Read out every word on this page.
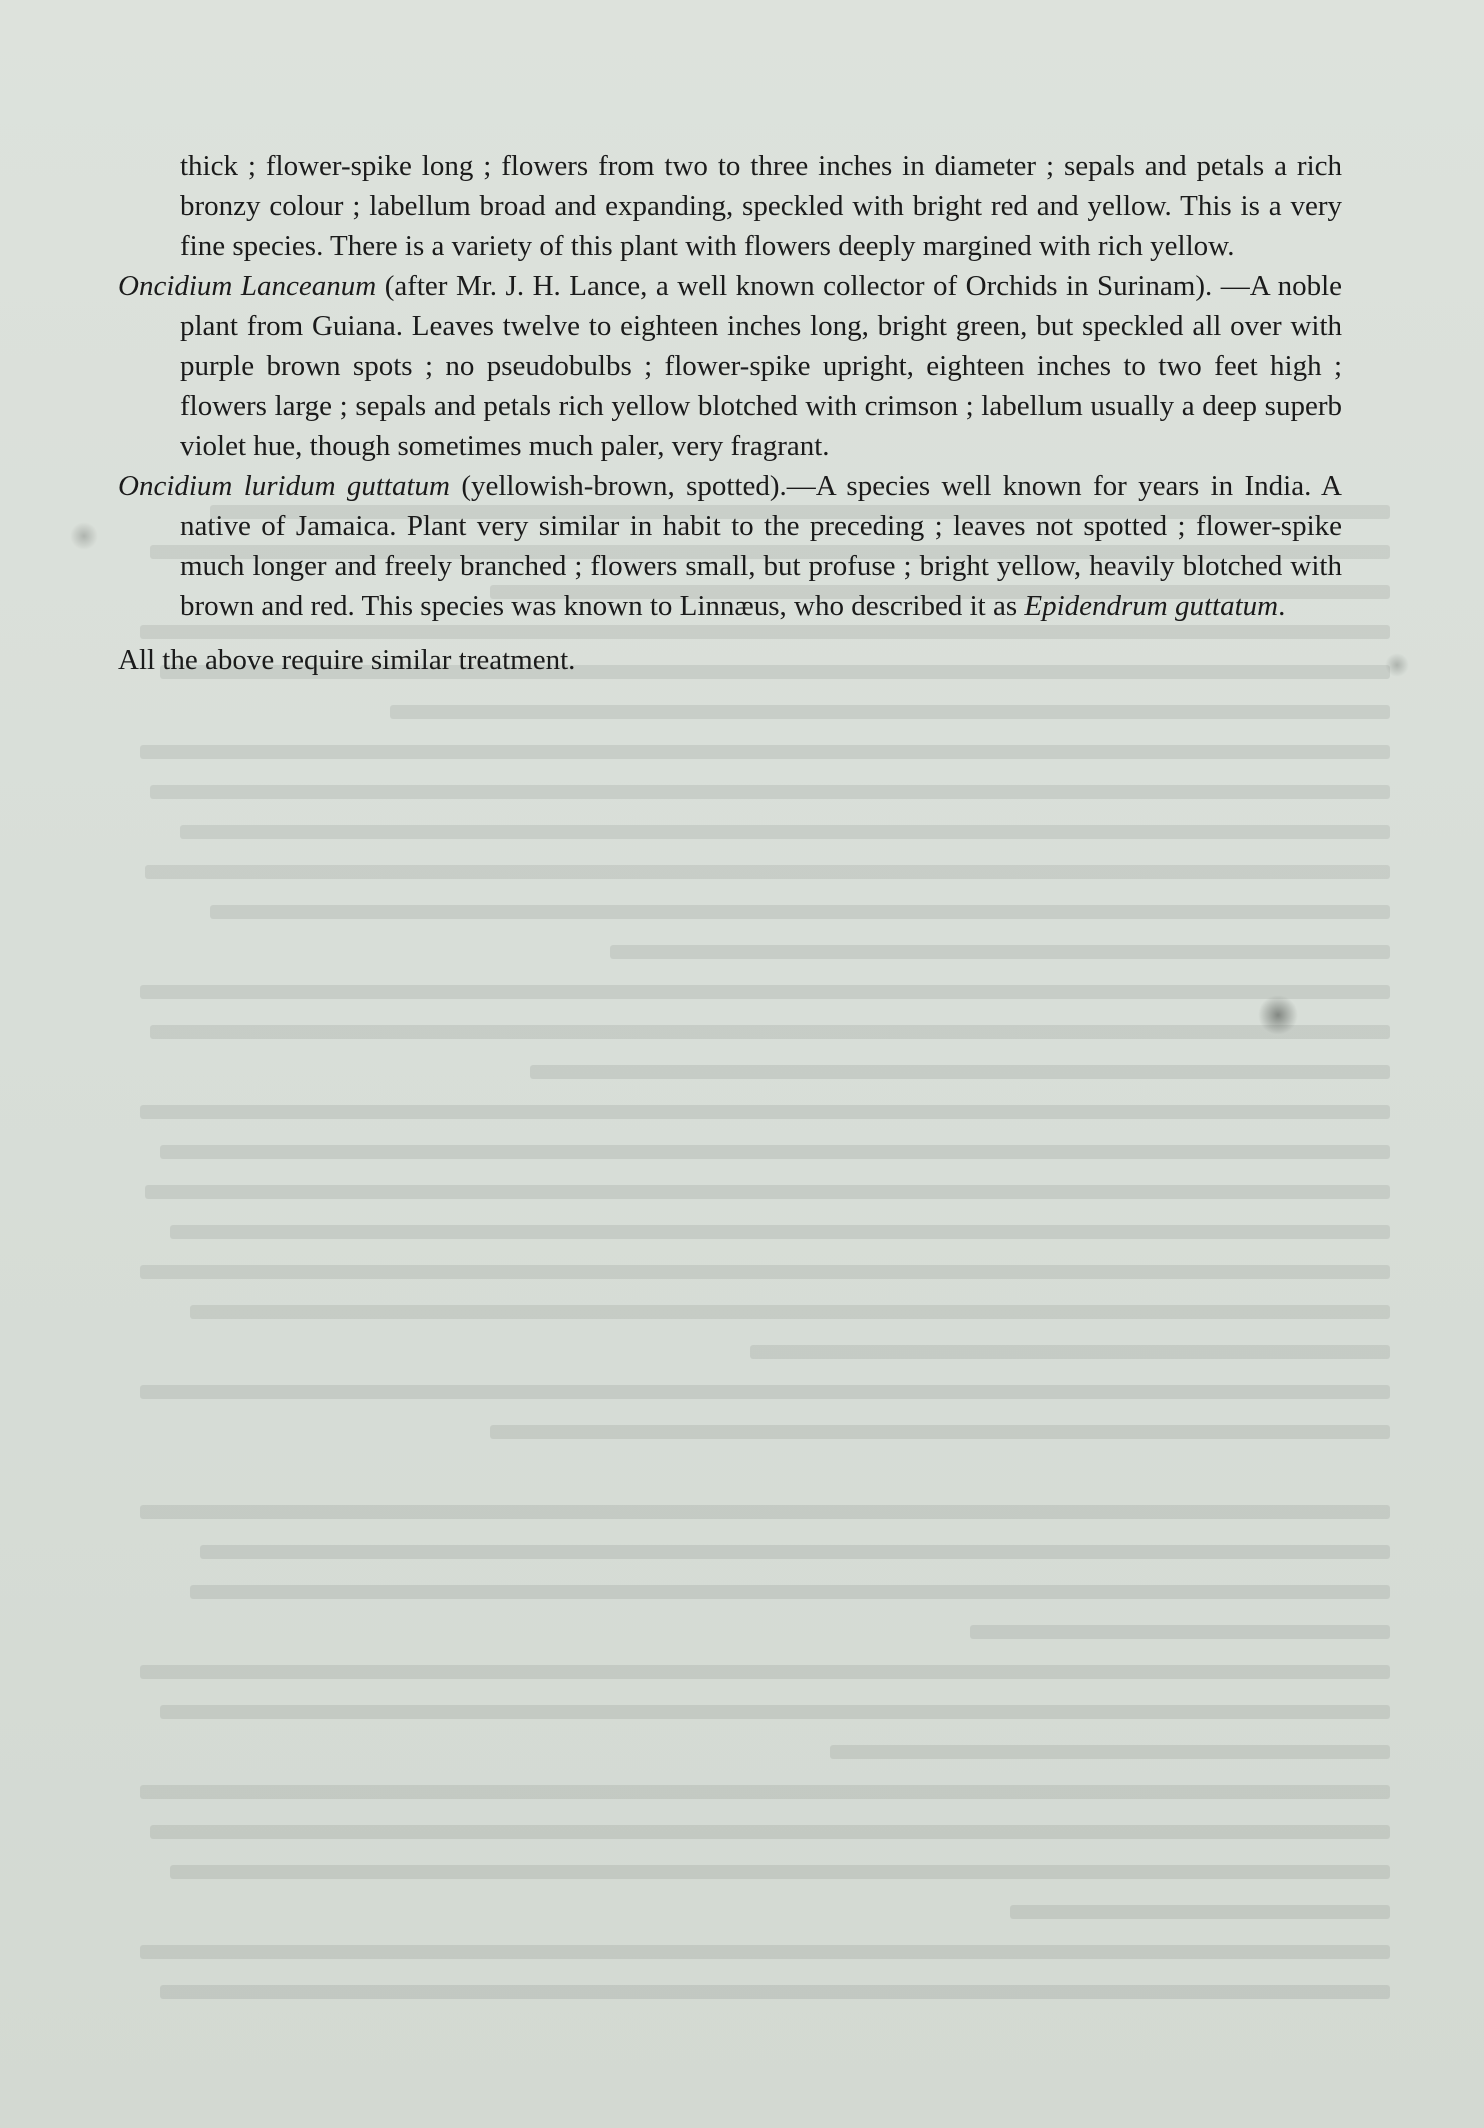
thick ; flower-spike long ; flowers from two to three inches in diameter ; sepals and petals a rich bronzy colour ; labellum broad and expanding, speckled with bright red and yellow. This is a very fine species. There is a variety of this plant with flowers deeply margined with rich yellow.

Oncidium Lanceanum (after Mr. J. H. Lance, a well known collector of Orchids in Surinam). —A noble plant from Guiana. Leaves twelve to eighteen inches long, bright green, but speckled all over with purple brown spots ; no pseudobulbs ; flower-spike upright, eighteen inches to two feet high ; flowers large ; sepals and petals rich yellow blotched with crimson ; labellum usually a deep superb violet hue, though sometimes much paler, very fragrant.

Oncidium luridum guttatum (yellowish-brown, spotted).—A species well known for years in India. A native of Jamaica. Plant very similar in habit to the preceding ; leaves not spotted ; flower-spike much longer and freely branched ; flowers small, but profuse ; bright yellow, heavily blotched with brown and red. This species was known to Linnæus, who described it as Epidendrum guttatum.

All the above require similar treatment.
